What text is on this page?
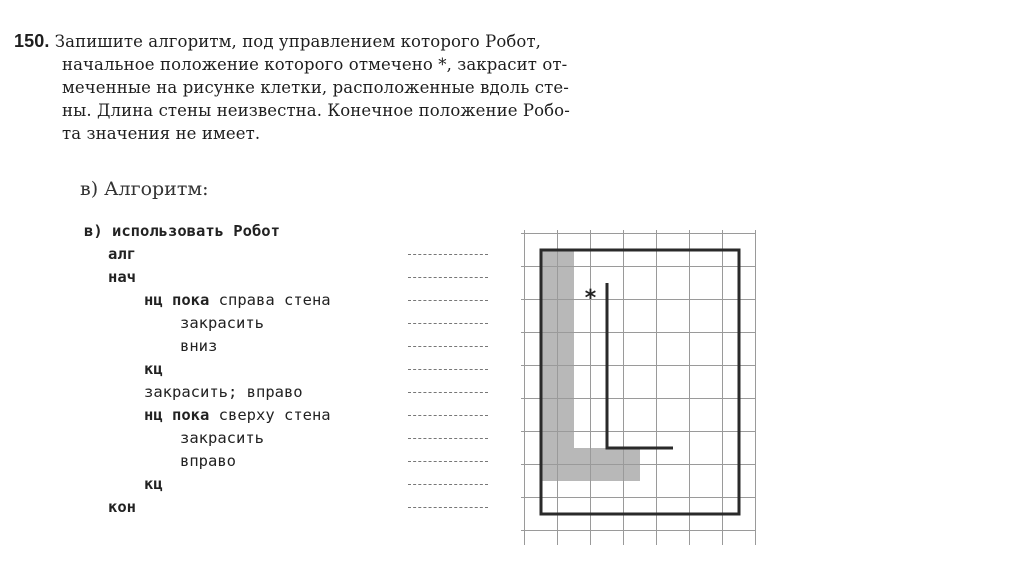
150. Запишите алгоритм, под управлением которого Робот,
начальное положение которого отмечено *, закрасит от-
меченные на рисунке клетки, расположенные вдоль сте-
ны. Длина стены неизвестна. Конечное положение Робо-
та значения не имеет.
в) Алгоритм:
в) использовать Робот
алг
нач
нц пока справа стена
закрасить
вниз
кц
закрасить; вправо
нц пока сверху стена
закрасить
вправо
кц
кон
*
